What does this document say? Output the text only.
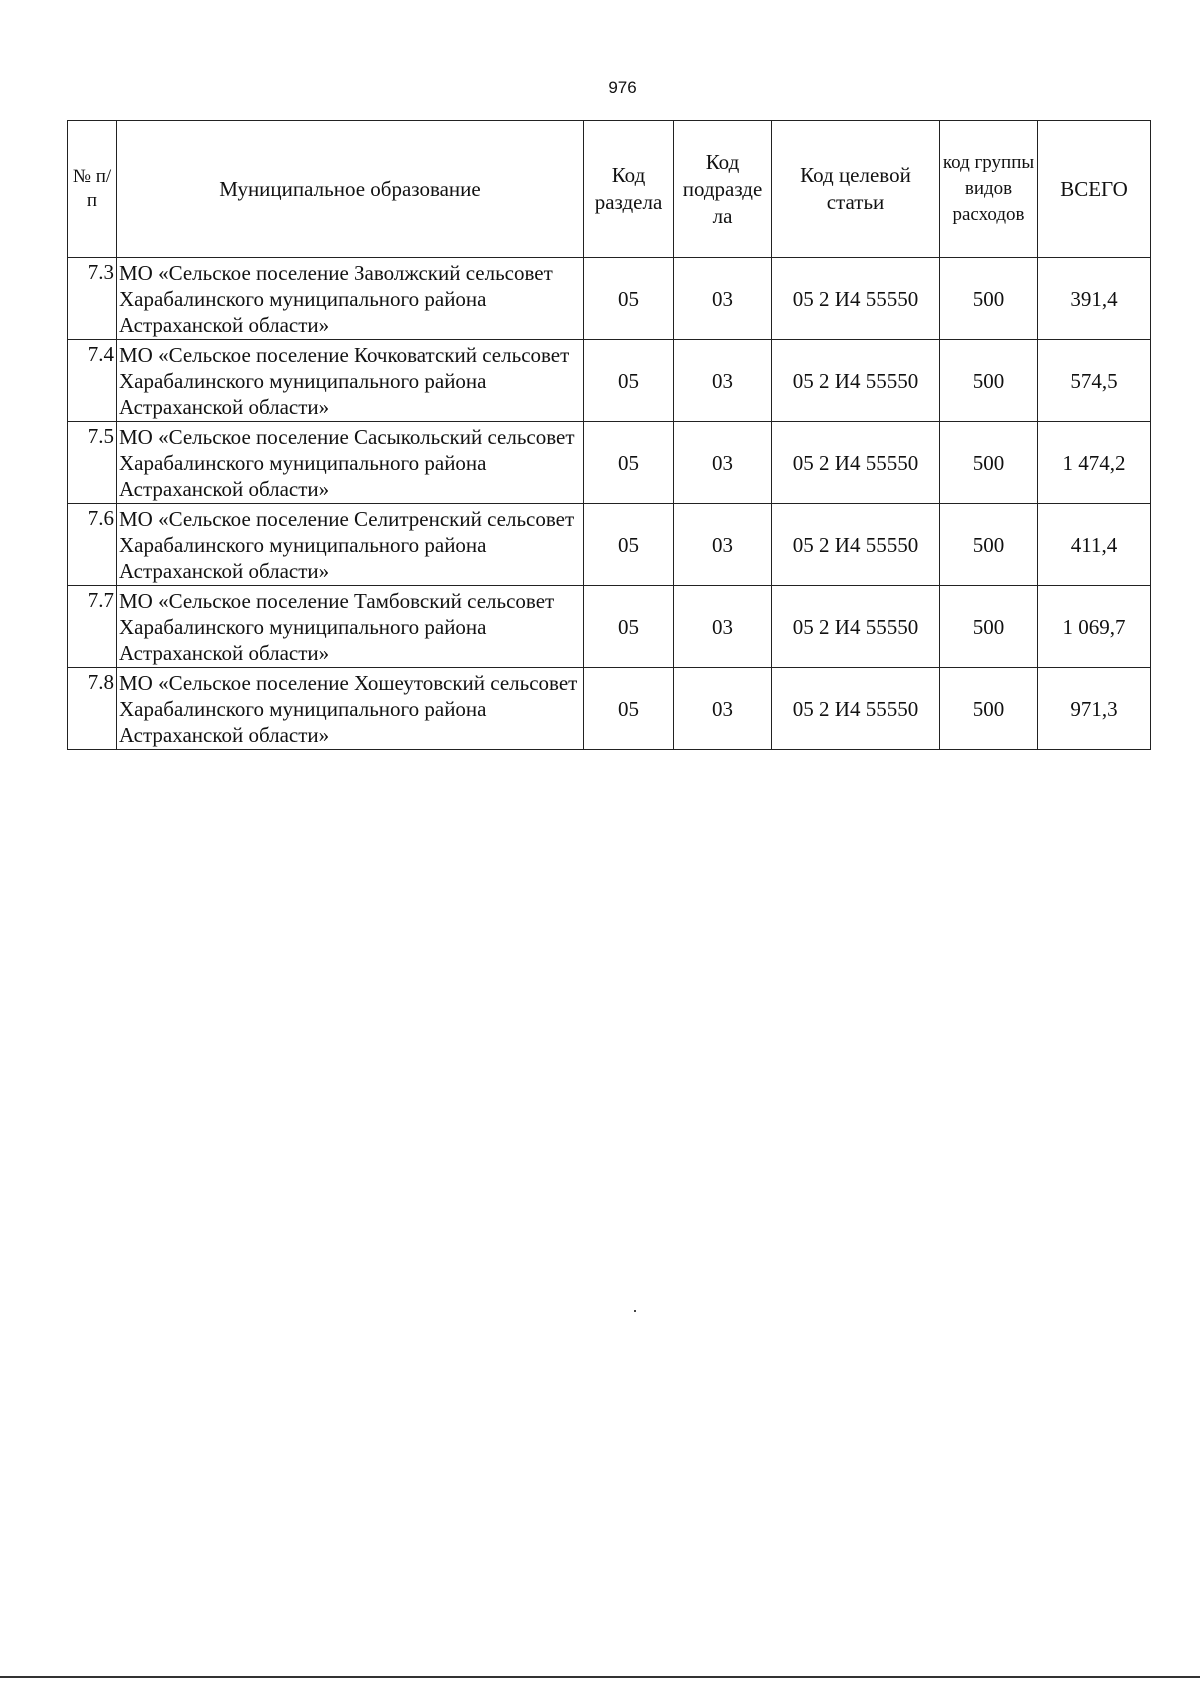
976
№ п/п	Муниципальное образование	Код раздела	Код подразде ла	Код целевой статьи	код группы видов расходов	ВСЕГО
7.3	МО «Сельское поселение Заволжский сельсовет Харабалинского муниципального района Астраханской области»	05	03	05 2 И4 55550	500	391,4
7.4	МО «Сельское поселение Кочковатский сельсовет Харабалинского муниципального района Астраханской области»	05	03	05 2 И4 55550	500	574,5
7.5	МО «Сельское поселение Сасыкольский сельсовет Харабалинского муниципального района Астраханской области»	05	03	05 2 И4 55550	500	1 474,2
7.6	МО «Сельское поселение Селитренский сельсовет Харабалинского муниципального района Астраханской области»	05	03	05 2 И4 55550	500	411,4
7.7	МО «Сельское поселение Тамбовский сельсовет Харабалинского муниципального района Астраханской области»	05	03	05 2 И4 55550	500	1 069,7
7.8	МО «Сельское поселение Хошеутовский сельсовет Харабалинского муниципального района Астраханской области»	05	03	05 2 И4 55550	500	971,3
